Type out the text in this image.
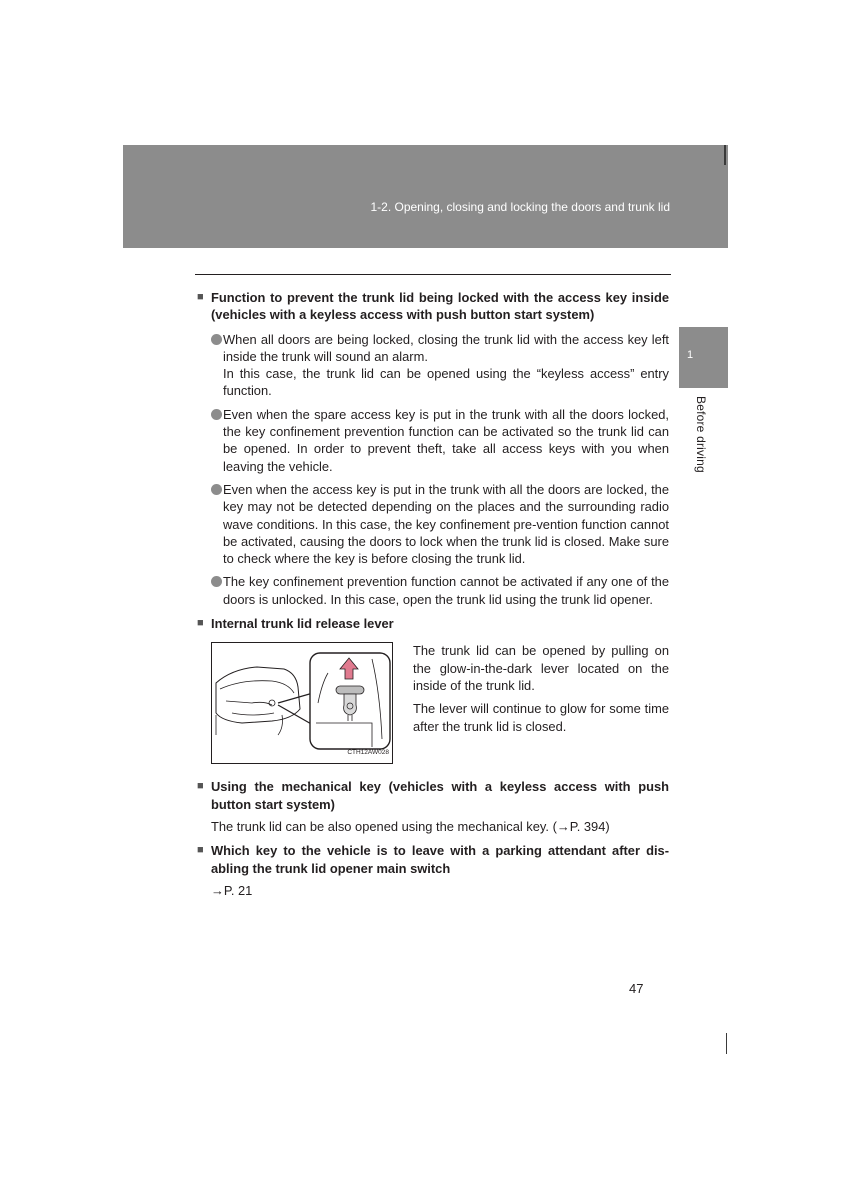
1-2. Opening, closing and locking the doors and trunk lid
1
Before driving
■ Function to prevent the trunk lid being locked with the access key inside (vehicles with a keyless access with push button start system)
When all doors are being locked, closing the trunk lid with the access key left inside the trunk will sound an alarm.
In this case, the trunk lid can be opened using the “keyless access” entry function.
Even when the spare access key is put in the trunk with all the doors locked, the key confinement prevention function can be activated so the trunk lid can be opened. In order to prevent theft, take all access keys with you when leaving the vehicle.
Even when the access key is put in the trunk with all the doors are locked, the key may not be detected depending on the places and the surrounding radio wave conditions. In this case, the key confinement pre-vention function cannot be activated, causing the doors to lock when the trunk lid is closed. Make sure to check where the key is before closing the trunk lid.
The key confinement prevention function cannot be activated if any one of the doors is unlocked. In this case, open the trunk lid using the trunk lid opener.
■ Internal trunk lid release lever
CTH12AW028

The trunk lid can be opened by pulling on the glow-in-the-dark lever located on the inside of the trunk lid.

The lever will continue to glow for some time after the trunk lid is closed.

■ Using the mechanical key (vehicles with a keyless access with push button start system)
The trunk lid can be also opened using the mechanical key. (→P. 394)
■ Which key to the vehicle is to leave with a parking attendant after dis-abling the trunk lid opener main switch
→P. 21
47
